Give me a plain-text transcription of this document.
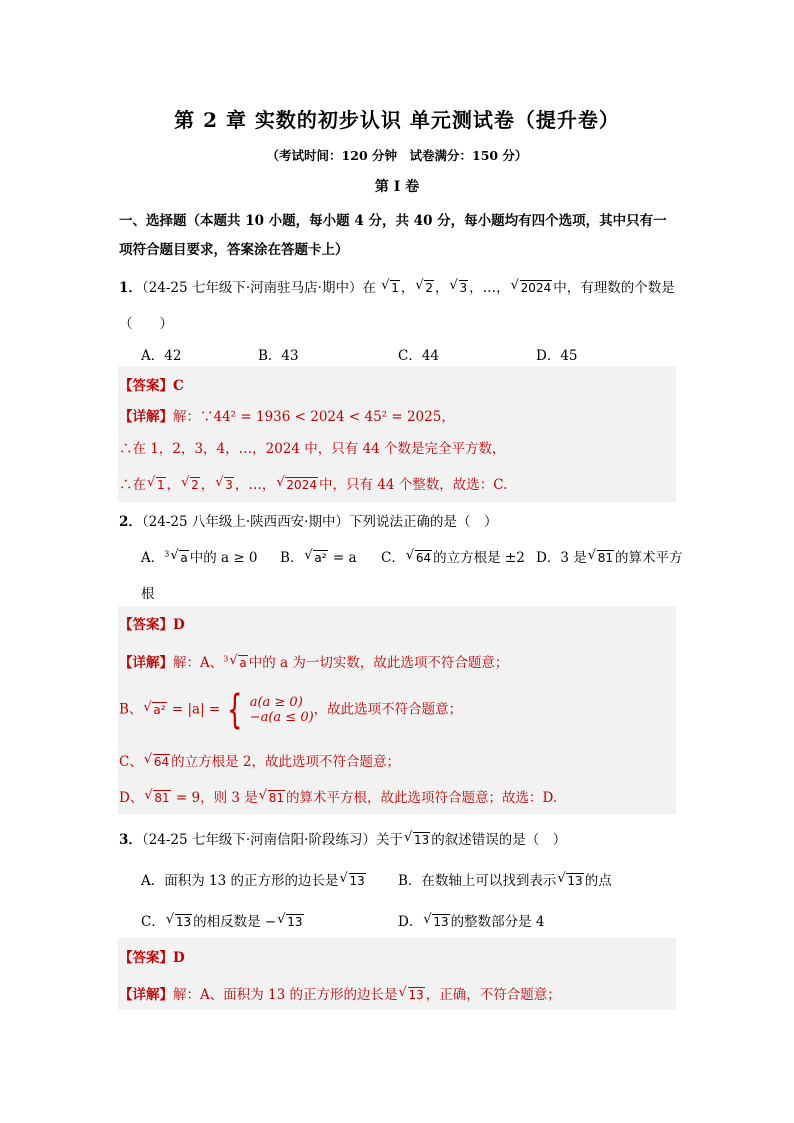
第 2 章 实数的初步认识 单元测试卷（提升卷）
（考试时间：120 分钟　试卷满分：150 分）
第 I 卷
一、选择题（本题共 10 小题，每小题 4 分，共 40 分，每小题均有四个选项，其中只有一
项符合题目要求，答案涂在答题卡上）
1．（24-25 七年级下·河南驻马店·期中）在 √ 1 ， √ 2 ， √ 3 ，…， √ 2024 中，有理数的个数是
（　　）
A．42	B．43	C．44	D．45
【答案】C
【详解】解：∵44² = 1936 < 2024 < 45² = 2025，
∴在 1，2，3，4，…，2024 中，只有 44 个数是完全平方数，
∴在 √ 1 ， √ 2 ， √ 3 ，…， √ 2024 中，只有 44 个整数，故选：C.
2．（24-25 八年级上·陕西西安·期中）下列说法正确的是（　）
A．$^3$ √ a 中的 a ≥ 0 B． √ a² = a C． √ 64 的立方根是 ±2 D．3 是 √ 81 的算术平方
根
【答案】D
【详解】解：A、$^3$ √ a 中的 a 为一切实数，故此选项不符合题意；
B、 √ a² = |a| = { a(a ≥ 0)
−a(a ≤ 0) ，故此选项不符合题意；
C、 √ 64 的立方根是 2，故此选项不符合题意；
D、 √ 81 = 9，则 3 是 √ 81 的算术平方根，故此选项符合题意；故选：D.
3．（24-25 七年级下·河南信阳·阶段练习）关于 √ 13 的叙述错误的是（　）
A．面积为 13 的正方形的边长是 √ 13 B．在数轴上可以找到表示 √ 13 的点
C． √ 13 的相反数是 − √ 13	D． √ 13 的整数部分是 4
【答案】D
【详解】解：A、面积为 13 的正方形的边长是 √ 13 ，正确，不符合题意；
